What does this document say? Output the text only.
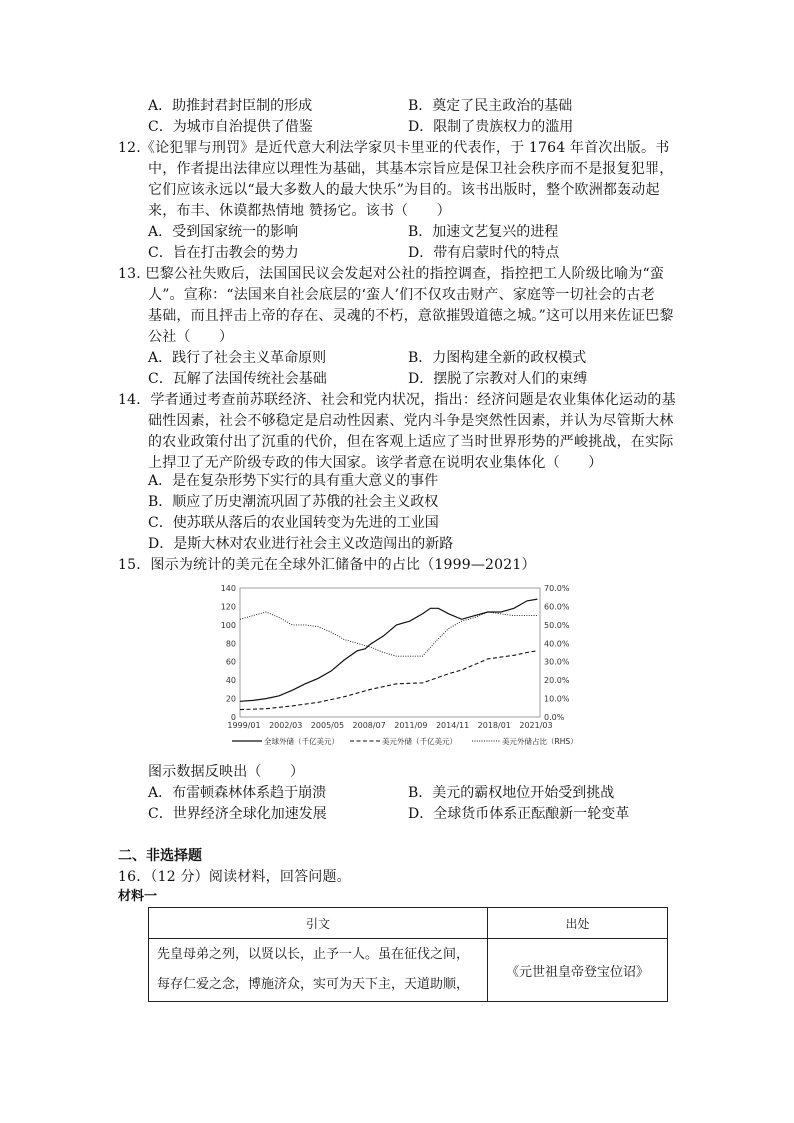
A．助推封君封臣制的形成	B．奠定了民主政治的基础
C．为城市自治提供了借鉴	D．限制了贵族权力的滥用
12.《论犯罪与刑罚》是近代意大利法学家贝卡里亚的代表作，于 1764 年首次出版。书
中，作者提出法律应以理性为基础，其基本宗旨应是保卫社会秩序而不是报复犯罪，
它们应该永远以“最大多数人的最大快乐”为目的。该书出版时，整个欧洲都轰动起
来，布丰、休谟都热情地 赞扬它。该书（　　）
A．受到国家统一的影响	B．加速文艺复兴的进程
C．旨在打击教会的势力	D．带有启蒙时代的特点
13. 巴黎公社失败后，法国国民议会发起对公社的指控调查，指控把工人阶级比喻为“蛮
人”。宣称：“法国来自社会底层的‘蛮人’们不仅攻击财产、家庭等一切社会的古老
基础，而且抨击上帝的存在、灵魂的不朽，意欲摧毁道德之城。”这可以用来佐证巴黎
公社（　　）
A．践行了社会主义革命原则	B．力图构建全新的政权模式
C．瓦解了法国传统社会基础	D．摆脱了宗教对人们的束缚
14．学者通过考查前苏联经济、社会和党内状况，指出：经济问题是农业集体化运动的基
础性因素，社会不够稳定是启动性因素、党内斗争是突然性因素，并认为尽管斯大林
的农业政策付出了沉重的代价，但在客观上适应了当时世界形势的严峻挑战，在实际
上捍卫了无产阶级专政的伟大国家。该学者意在说明农业集体化（　　）
A．是在复杂形势下实行的具有重大意义的事件
B．顺应了历史潮流巩固了苏俄的社会主义政权
C．使苏联从落后的农业国转变为先进的工业国
D．是斯大林对农业进行社会主义改造闯出的新路
15．图示为统计的美元在全球外汇储备中的占比（1999—2021）
0
20
40
60
80
100
120
140
0.0%
10.0%
20.0%
30.0%
40.0%
50.0%
60.0%
70.0%
1999/01 2002/03 2005/05 2008/07 2011/09 2014/11 2018/01 2021/03
全球外储（千亿美元）	美元外储（千亿美元）	美元外储占比（RHS）
图示数据反映出（　　）
A．布雷顿森林体系趋于崩溃	B．美元的霸权地位开始受到挑战
C．世界经济全球化加速发展	D．全球货币体系正酝酿新一轮变革
二、非选择题
16．（12 分）阅读材料，回答问题。
材料一
引文	出处

先皇母弟之列，以贤以长，止予一人。虽在征伐之间，
每存仁爱之念，博施济众，实可为天下主，天道助顺，	《元世祖皇帝登宝位诏》
